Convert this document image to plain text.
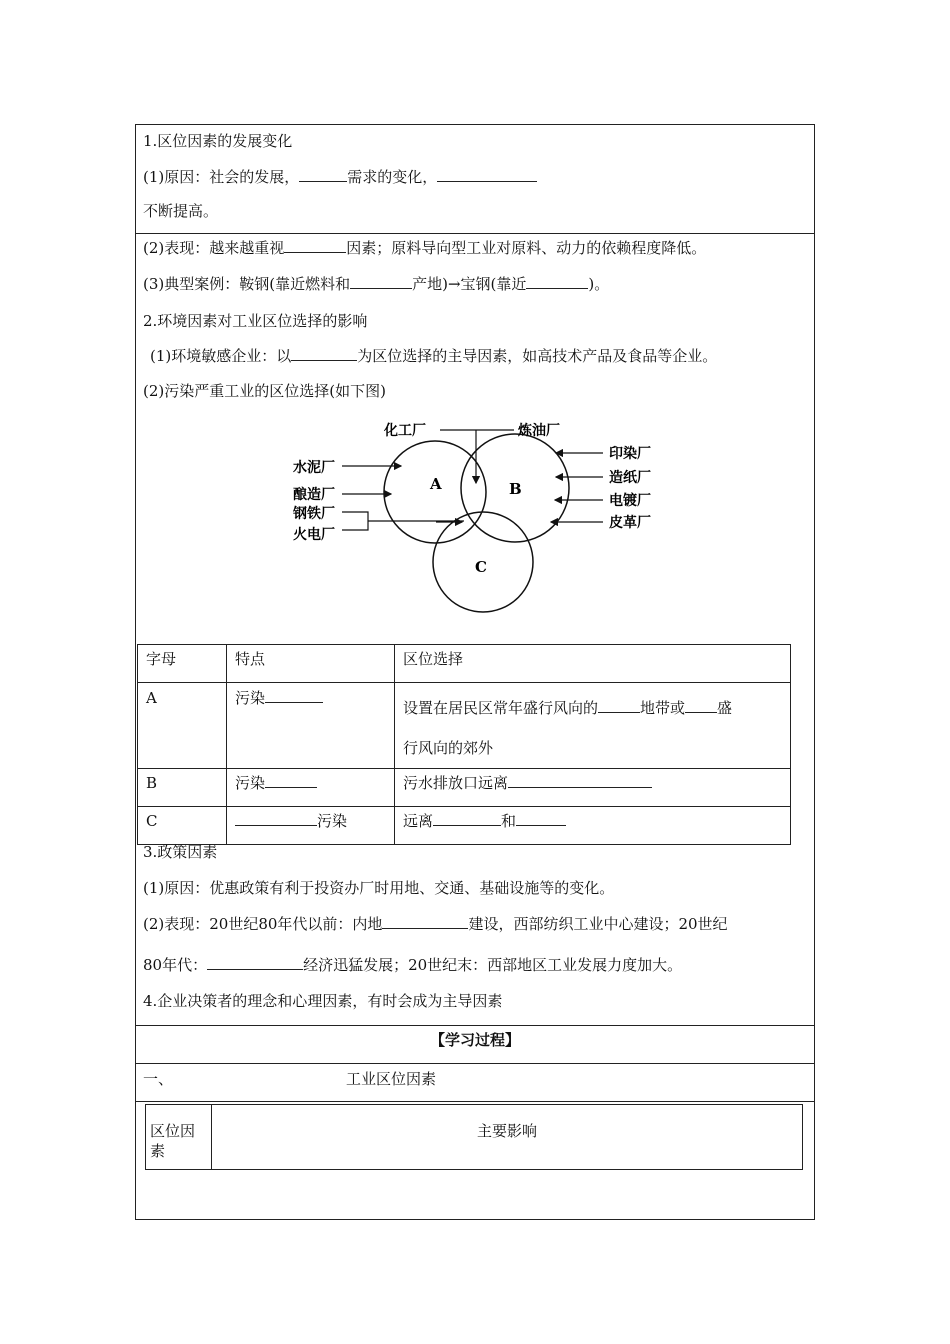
1.区位因素的发展变化
(1)原因：社会的发展，	需求的变化，
不断提高。
(2)表现：越来越重视	因素；原料导向型工业对原料、动力的依赖程度降低。
(3)典型案例：鞍钢(靠近燃料和	产地)→宝钢(靠近	)。
2.环境因素对工业区位选择的影响
(1)环境敏感企业：以	为区位选择的主导因素，如高技术产品及食品等企业。
(2)污染严重工业的区位选择(如下图)
A	B
C
化工厂	炼油厂
水泥厂
酿造厂
钢铁厂
火电厂
印染厂
造纸厂
电镀厂
皮革厂
字母	特点	区位选择
A	污染	设置在居民区常年盛行风向的 地带或 盛
行风向的郊外
B	污染	污水排放口远离
C	污染	远离 和
3.政策因素
(1)原因：优惠政策有利于投资办厂时用地、交通、基础设施等的变化。
(2)表现：20世纪80年代以前：内地	建设，西部纺织工业中心建设；20世纪
80年代：	经济迅猛发展；20世纪末：西部地区工业发展力度加大。
4.企业决策者的理念和心理因素，有时会成为主导因素
【学习过程】
一、	工业区位因素
区位因素	主要影响
